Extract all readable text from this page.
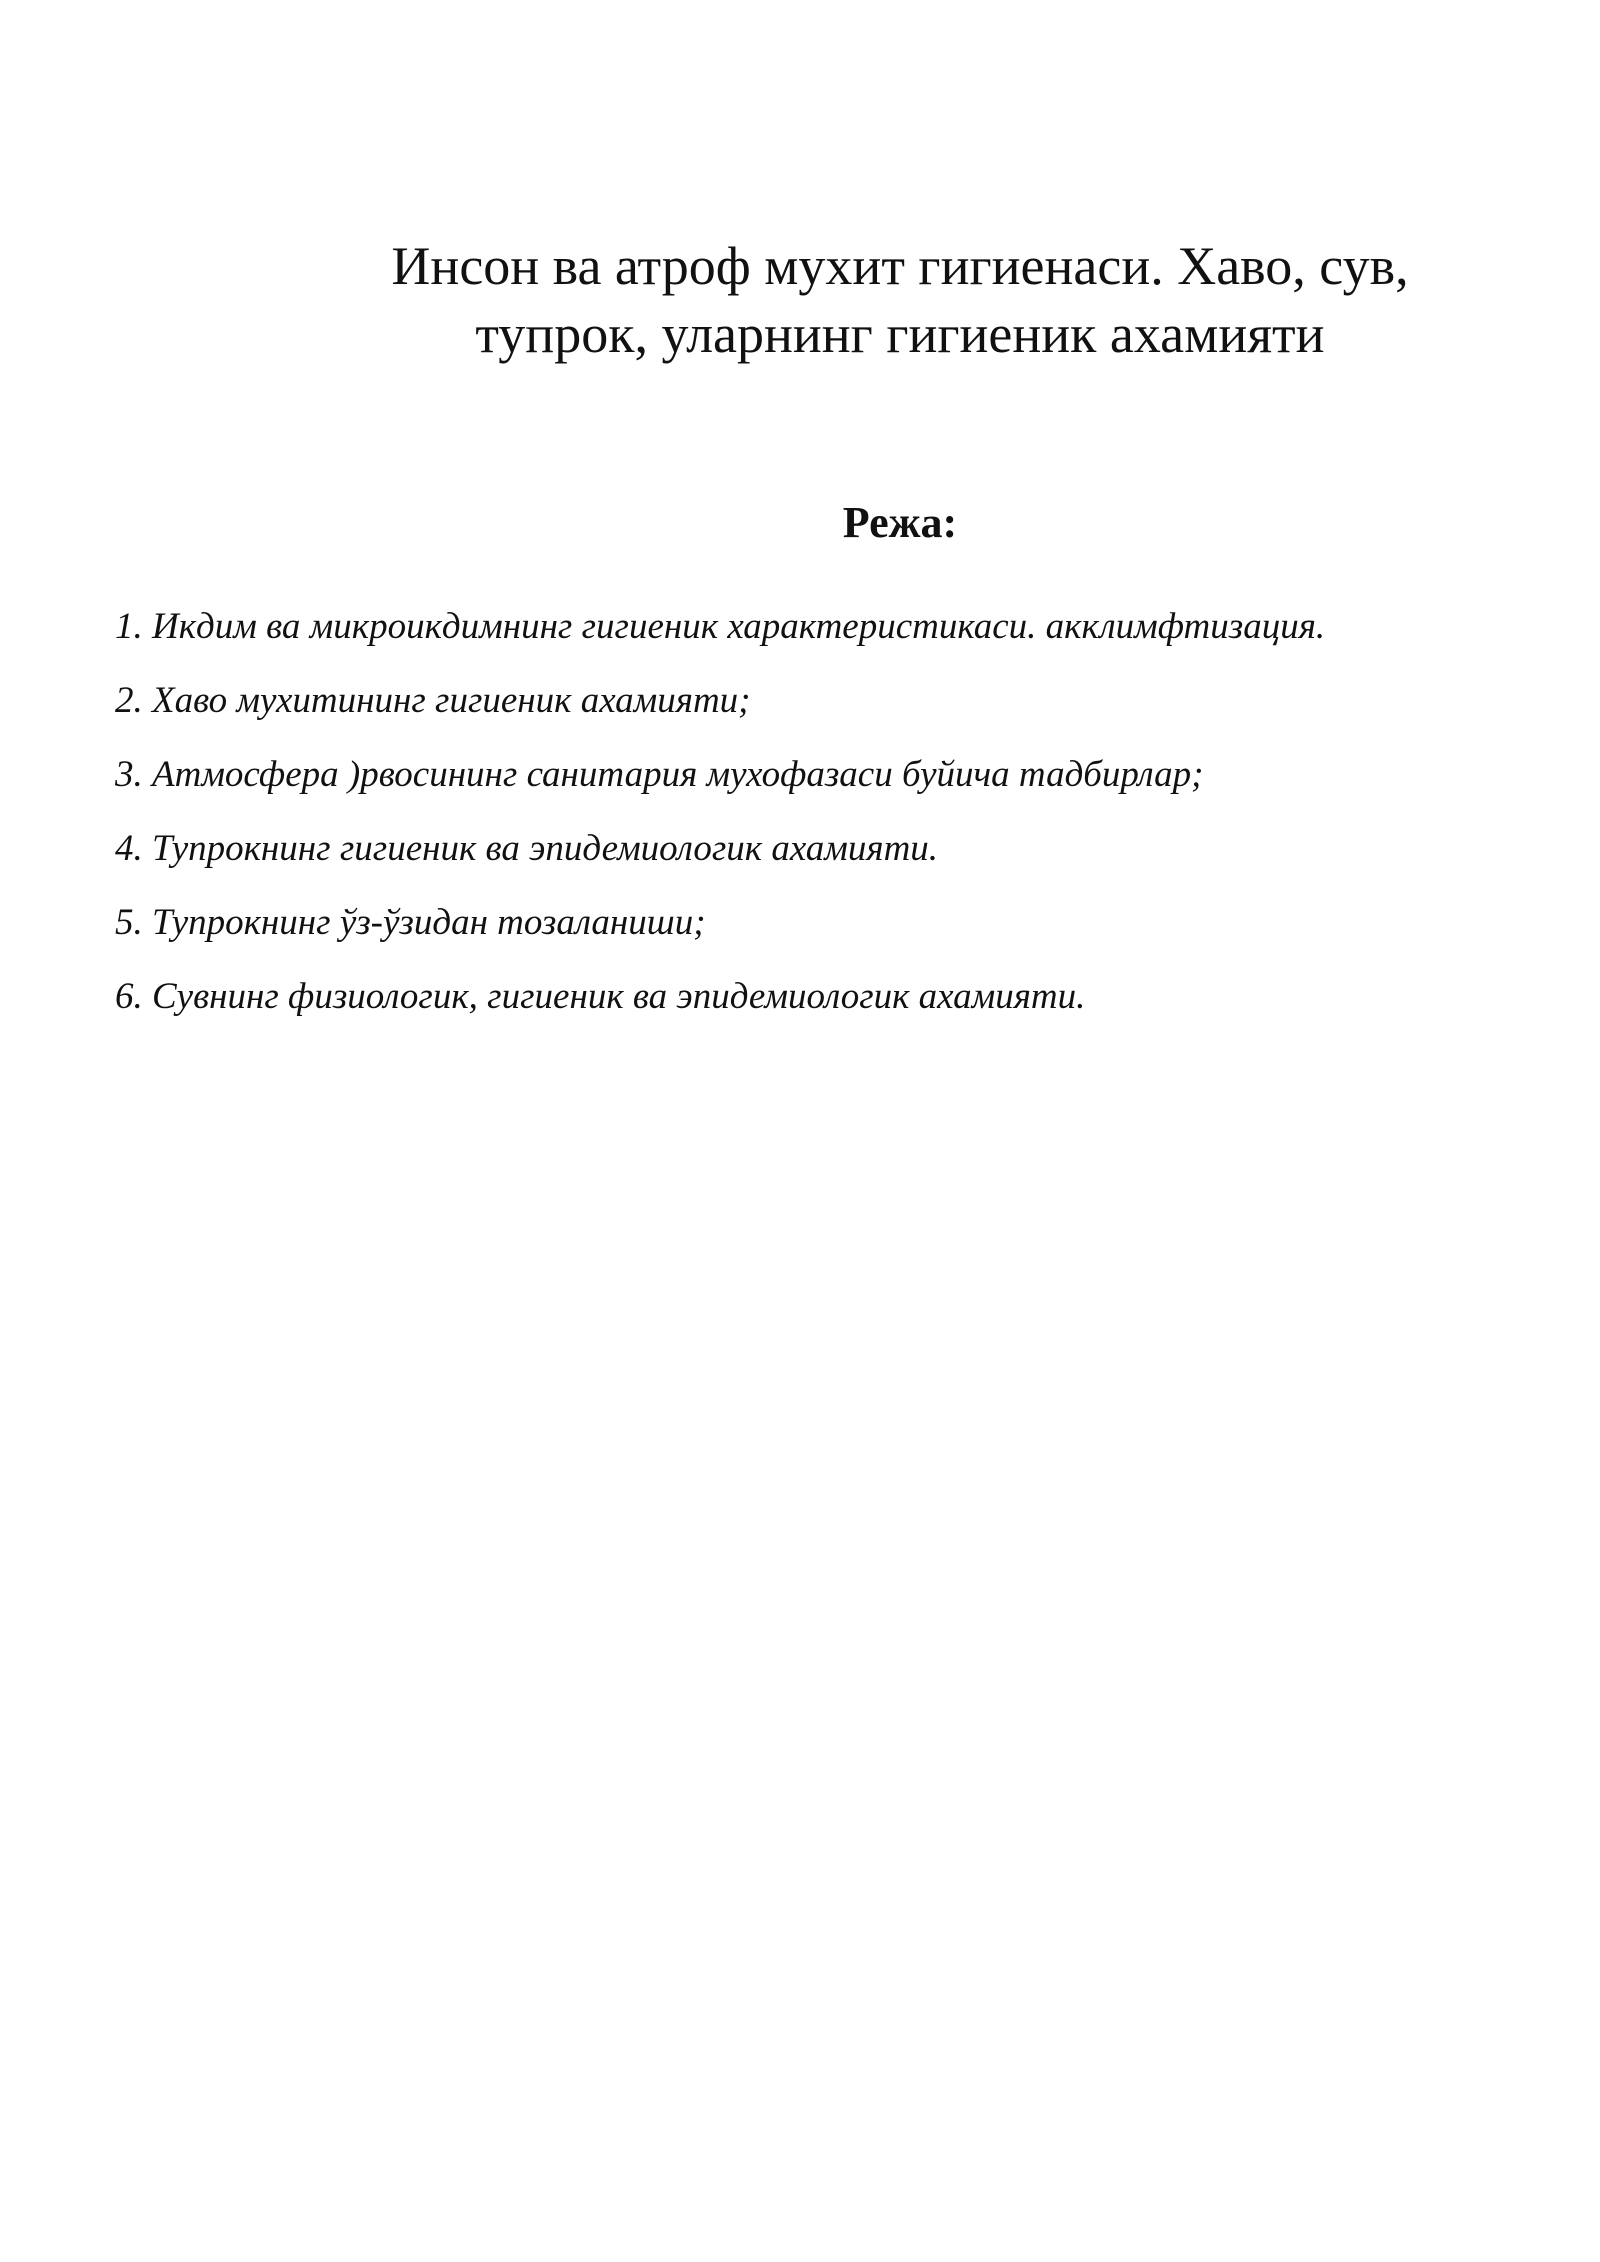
Инсон ва атроф мухит гигиенаси. Хаво, сув,
тупрок, уларнинг гигиеник ахамияти
Режа:
1. Икдим ва микроикдимнинг гигиеник характеристикаси. акклимфтизация.
2. Хаво мухитининг гигиеник ахамияти;
3. Атмосфера )рвосининг санитария мухофазаси буйича тадбирлар;
4. Тупрокнинг гигиеник ва эпидемиологик ахамияти.
5. Тупрокнинг ўз-ўзидан тозаланиши;
6. Сувнинг физиологик, гигиеник ва эпидемиологик ахамияти.
